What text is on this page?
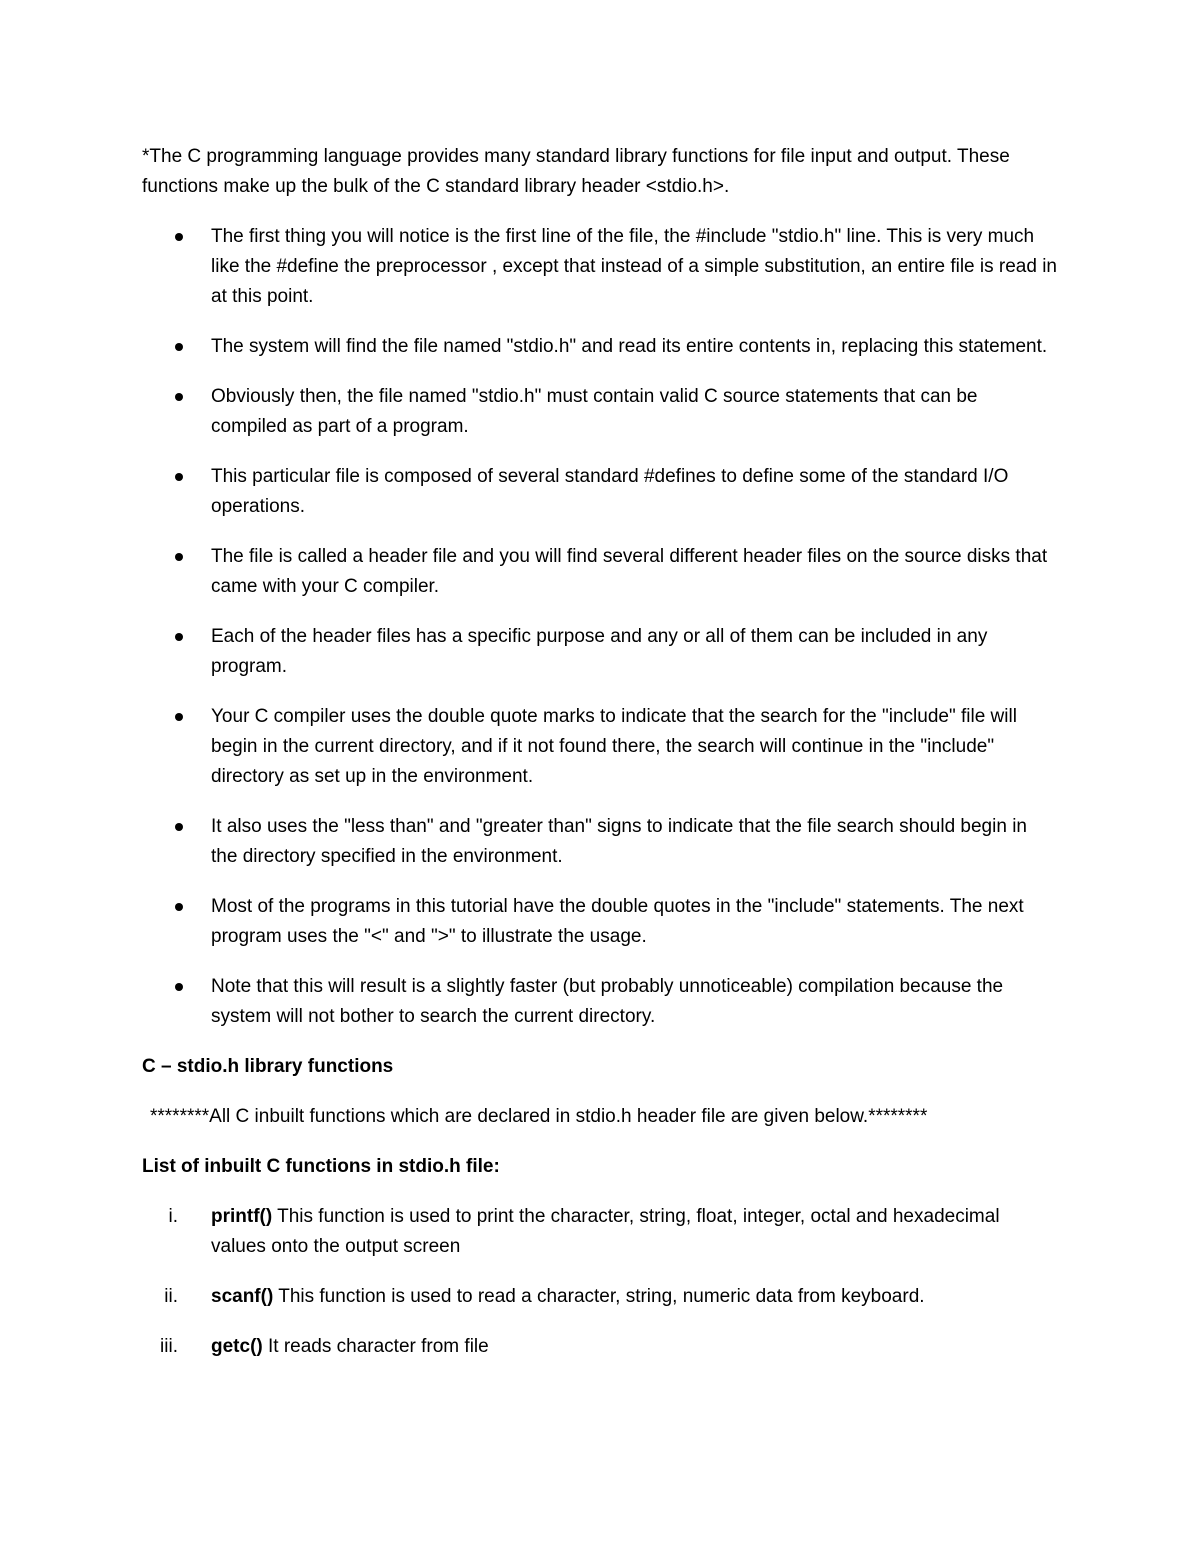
*The C programming language provides many standard library functions for file input and output. These functions make up the bulk of the C standard library header <stdio.h>.

The first thing you will notice is the first line of the file, the #include "stdio.h" line. This is very much like the #define the preprocessor , except that instead of a simple substitution, an entire file is read in at this point.
The system will find the file named "stdio.h" and read its entire contents in, replacing this statement.
Obviously then, the file named "stdio.h" must contain valid C source statements that can be compiled as part of a program.
This particular file is composed of several standard #defines to define some of the standard I/O operations.
The file is called a header file and you will find several different header files on the source disks that came with your C compiler.
Each of the header files has a specific purpose and any or all of them can be included in any program.
Your C compiler uses the double quote marks to indicate that the search for the "include" file will begin in the current directory, and if it not found there, the search will continue in the "include" directory as set up in the environment.
It also uses the "less than" and "greater than" signs to indicate that the file search should begin in the directory specified in the environment.
Most of the programs in this tutorial have the double quotes in the "include" statements. The next program uses the "<" and ">" to illustrate the usage.
Note that this will result is a slightly faster (but probably unnoticeable) compilation because the system will not bother to search the current directory.

C – stdio.h library functions

********All C inbuilt functions which are declared in stdio.h header file are given below.********

List of inbuilt C functions in stdio.h file:

i. printf() This function is used to print the character, string, float, integer, octal and hexadecimal values onto the output screen
ii. scanf() This function is used to read a character, string, numeric data from keyboard.
iii. getc() It reads character from file
